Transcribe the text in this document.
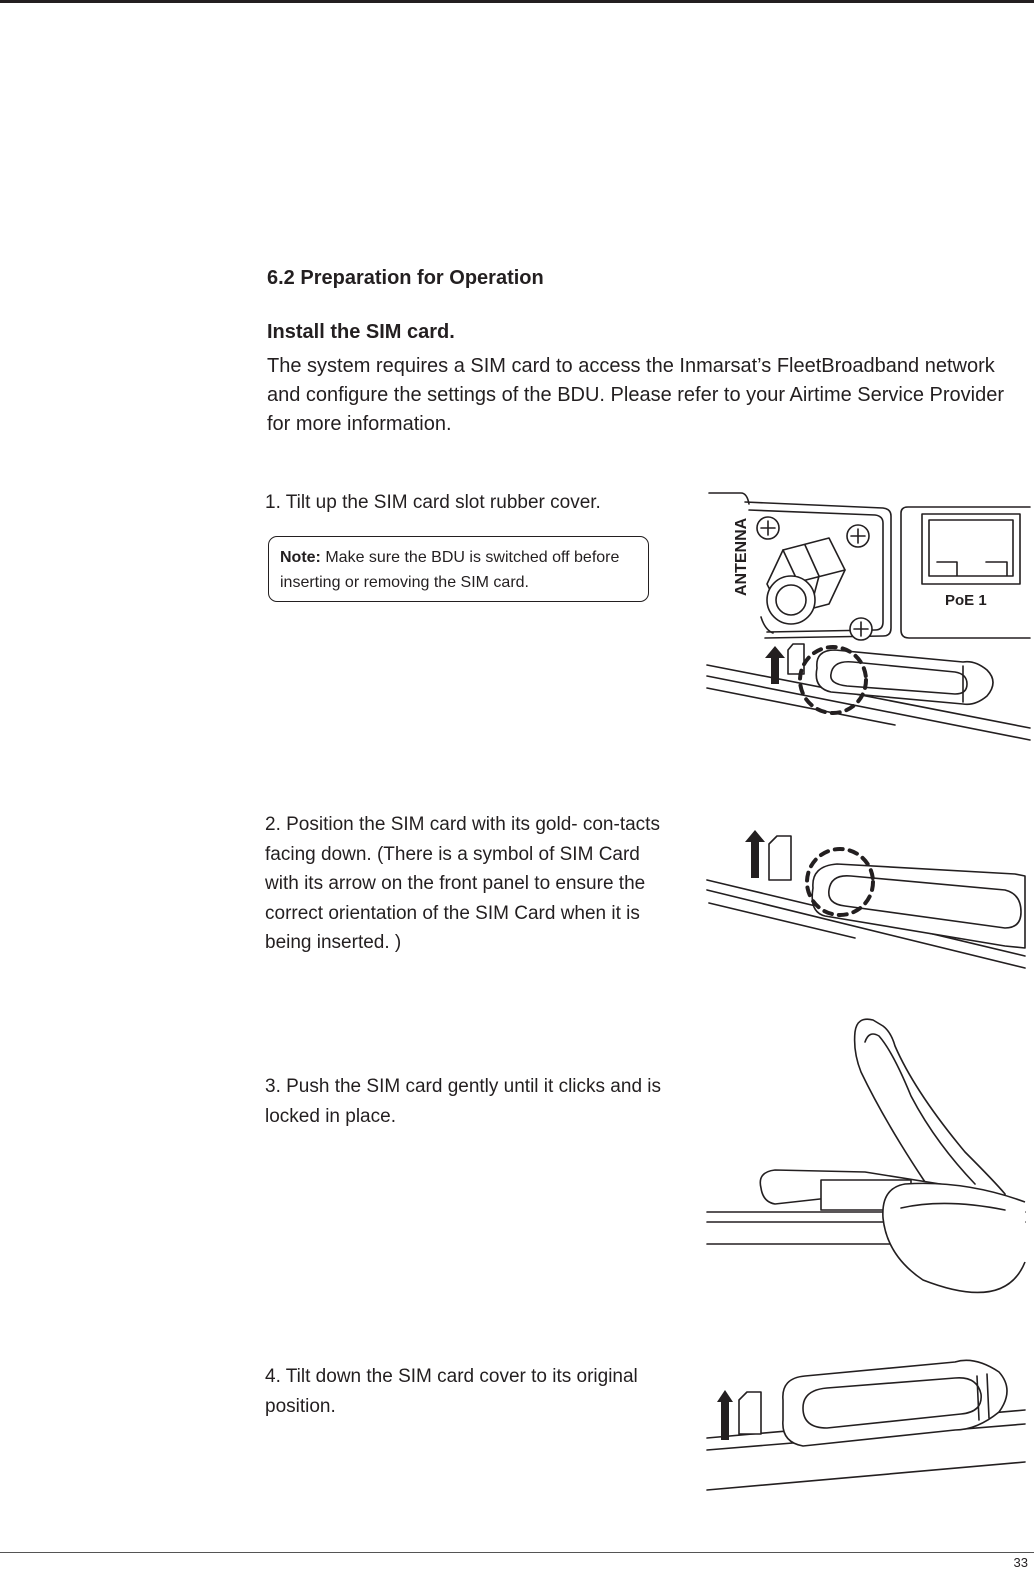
6.2 Preparation for Operation
Install the SIM card.

The system requires a SIM card to access the Inmarsat’s FleetBroadband network and configure the settings of the BDU. Please refer to your Airtime Service Provider for more information.

1. Tilt up the SIM card slot rubber cover.

Note: Make sure the BDU is switched off before inserting or removing the SIM card.	ANTENNA
PoE 1

2. Position the SIM card with its gold- con-tacts facing down. (There is a symbol of SIM Card with its arrow on the front panel to ensure the correct orientation of the SIM Card when it is being inserted. )

3. Push the SIM card gently until it clicks and is locked in place.

4. Tilt down the SIM card cover to its original position.

33
